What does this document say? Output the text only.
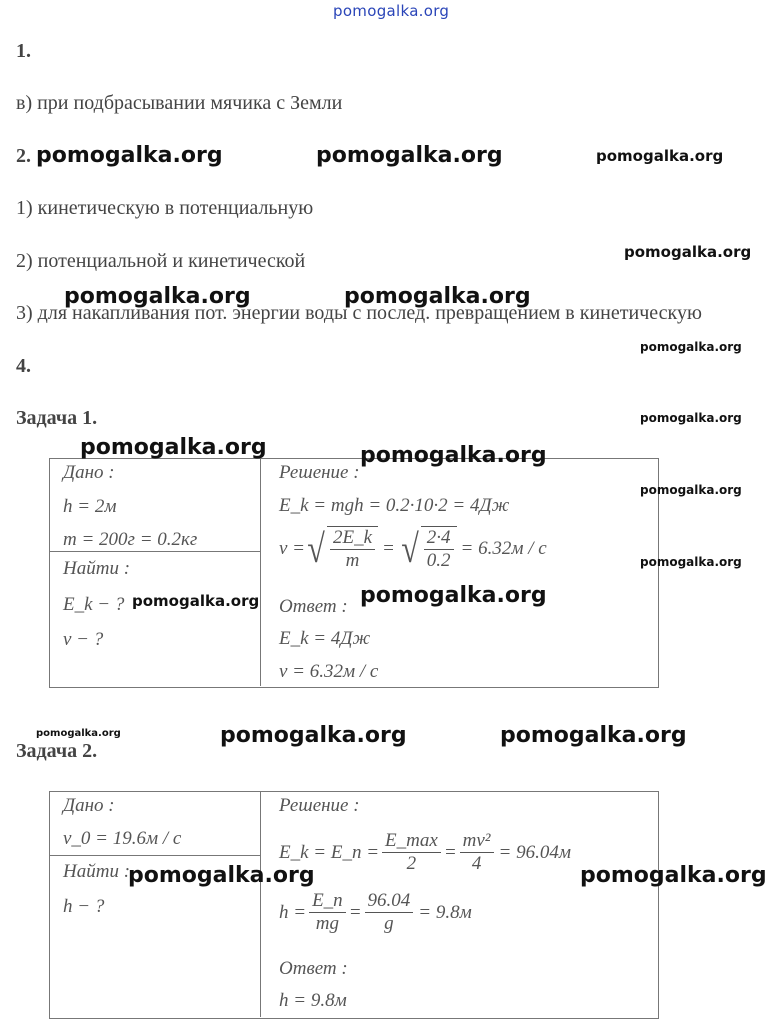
pomogalka.org
1.
в) при подбрасывании мячика с Земли
2.
1) кинетическую в потенциальную
2) потенциальной и кинетической
3) для накапливания пот. энергии воды с послед. превращением в кинетическую
4.
Задача 1.
Дано :
h = 2м
m = 200г = 0.2кг
Найти :
E_k − ?
v − ?
Решение :
E_k = mgh = 0.2·10·2 = 4Дж
v = √ $\frac{2E\_k}{m}$ = √ $\frac{2\cdot 4}{0.2} = 6.32м / с$
Ответ :
E_k = 4Дж
v = 6.32м / с
Задача 2.
Дано :
v_0 = 19.6м / с
Найти :
h − ?
Решение :
E_k = E_n = $\frac{E\_\max}{2} = \frac{\text{mv²}}{4} = 96.04м$
$h = \frac{E\_n}{mg} = \frac{96.04}{g} = 9.8м$
Ответ :
h = 9.8м
pomogalka.org	pomogalka.org	pomogalka.org
pomogalka.org
pomogalka.org	pomogalka.org
pomogalka.org
pomogalka.org
pomogalka.org	pomogalka.org
pomogalka.org
pomogalka.org
pomogalka.org
pomogalka.org
pomogalka.org	pomogalka.org	pomogalka.org
pomogalka.org	pomogalka.org
